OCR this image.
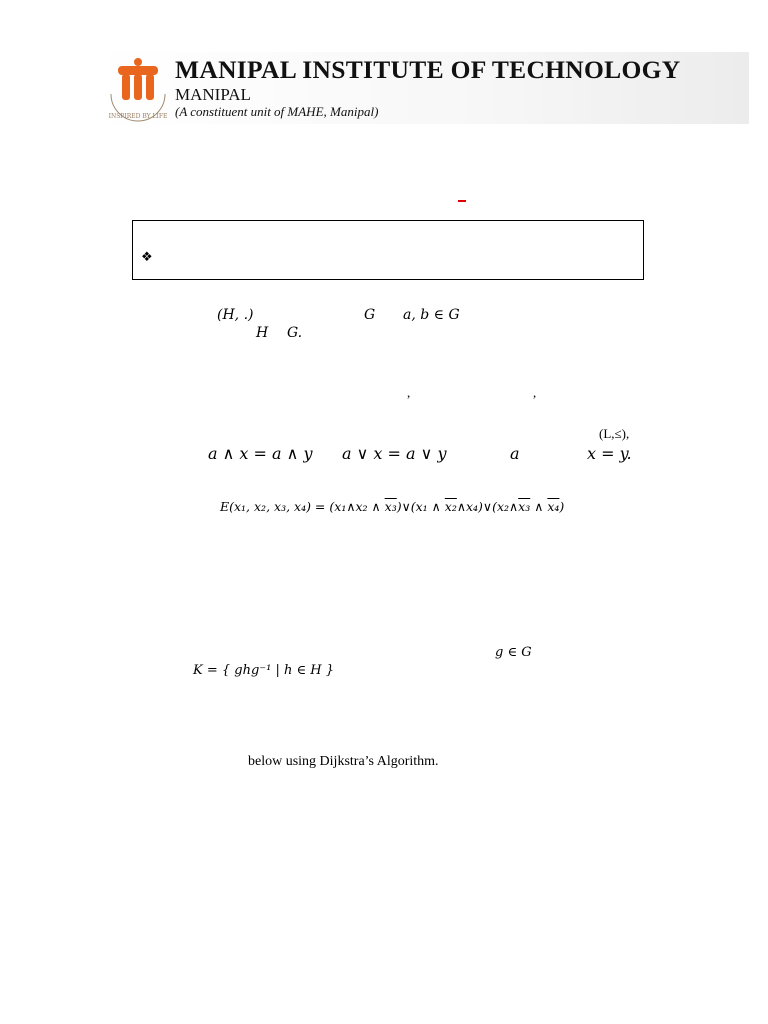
INSPIRED BY LIFE
MANIPAL INSTITUTE OF TECHNOLOGY
MANIPAL
(A constituent unit of MAHE, Manipal)
❖
(H, .)	G a, b ∈ G
H G.
,	,
(L,≤),
a ∧ x = a ∧ y a ∨ x = a ∨ y	a	x = y.
E(x₁, x₂, x₃, x₄) = (x₁∧x₂ ∧ x₃)∨(x₁ ∧ x₂∧x₄)∨(x₂∧x₃ ∧ x₄)
g ∈ G
K = { ghg⁻¹ | h ∈ H }
below using Dijkstra’s Algorithm.
